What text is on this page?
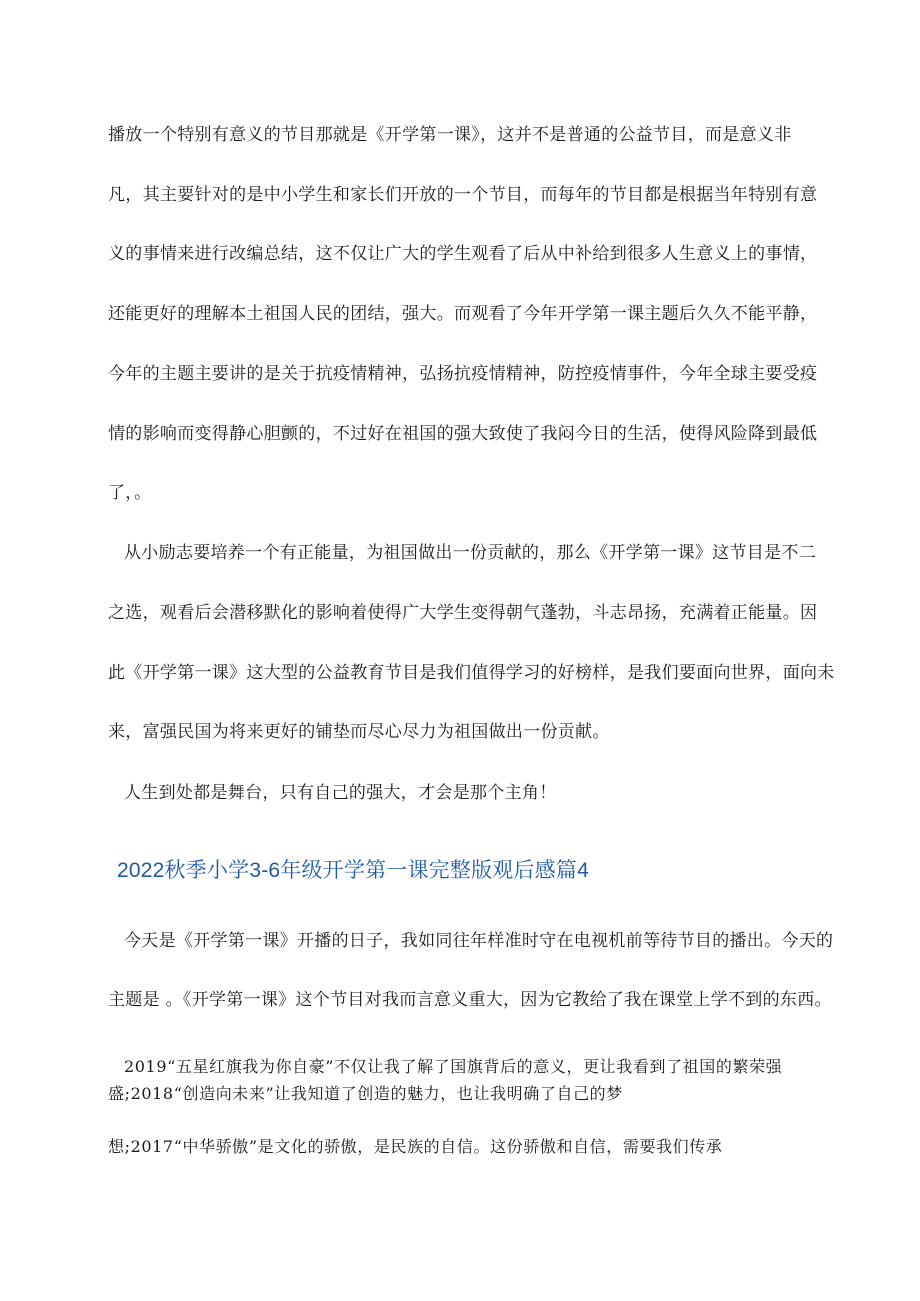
播放一个特别有意义的节目那就是《开学第一课》，这并不是普通的公益节目，而是意义非
凡，其主要针对的是中小学生和家长们开放的一个节目，而每年的节目都是根据当年特别有意
义的事情来进行改编总结，这不仅让广大的学生观看了后从中补给到很多人生意义上的事情，
还能更好的理解本土祖国人民的团结，强大。而观看了今年开学第一课主题后久久不能平静，
今年的主题主要讲的是关于抗疫情精神，弘扬抗疫情精神，防控疫情事件，今年全球主要受疫
情的影响而变得静心胆颤的，不过好在祖国的强大致使了我闷今日的生活，使得风险降到最低
了，。
从小励志要培养一个有正能量，为祖国做出一份贡献的，那么《开学第一课》这节目是不二
之选，观看后会潜移默化的影响着使得广大学生变得朝气蓬勃，斗志昂扬，充满着正能量。因
此《开学第一课》这大型的公益教育节目是我们值得学习的好榜样，是我们要面向世界，面向未
来，富强民国为将来更好的铺垫而尽心尽力为祖国做出一份贡献。
人生到处都是舞台，只有自己的强大，才会是那个主角！
2022秋季小学3-6年级开学第一课完整版观后感篇4
今天是《开学第一课》开播的日子，我如同往年样准时守在电视机前等待节目的播出。今天的
主题是 。《开学第一课》这个节目对我而言意义重大，因为它教给了我在课堂上学不到的东西。
2019“五星红旗我为你自豪”不仅让我了解了国旗背后的意义，更让我看到了祖国的繁荣强
盛;2018“创造向未来”让我知道了创造的魅力，也让我明确了自己的梦
想;2017“中华骄傲”是文化的骄傲，是民族的自信。这份骄傲和自信，需要我们传承
